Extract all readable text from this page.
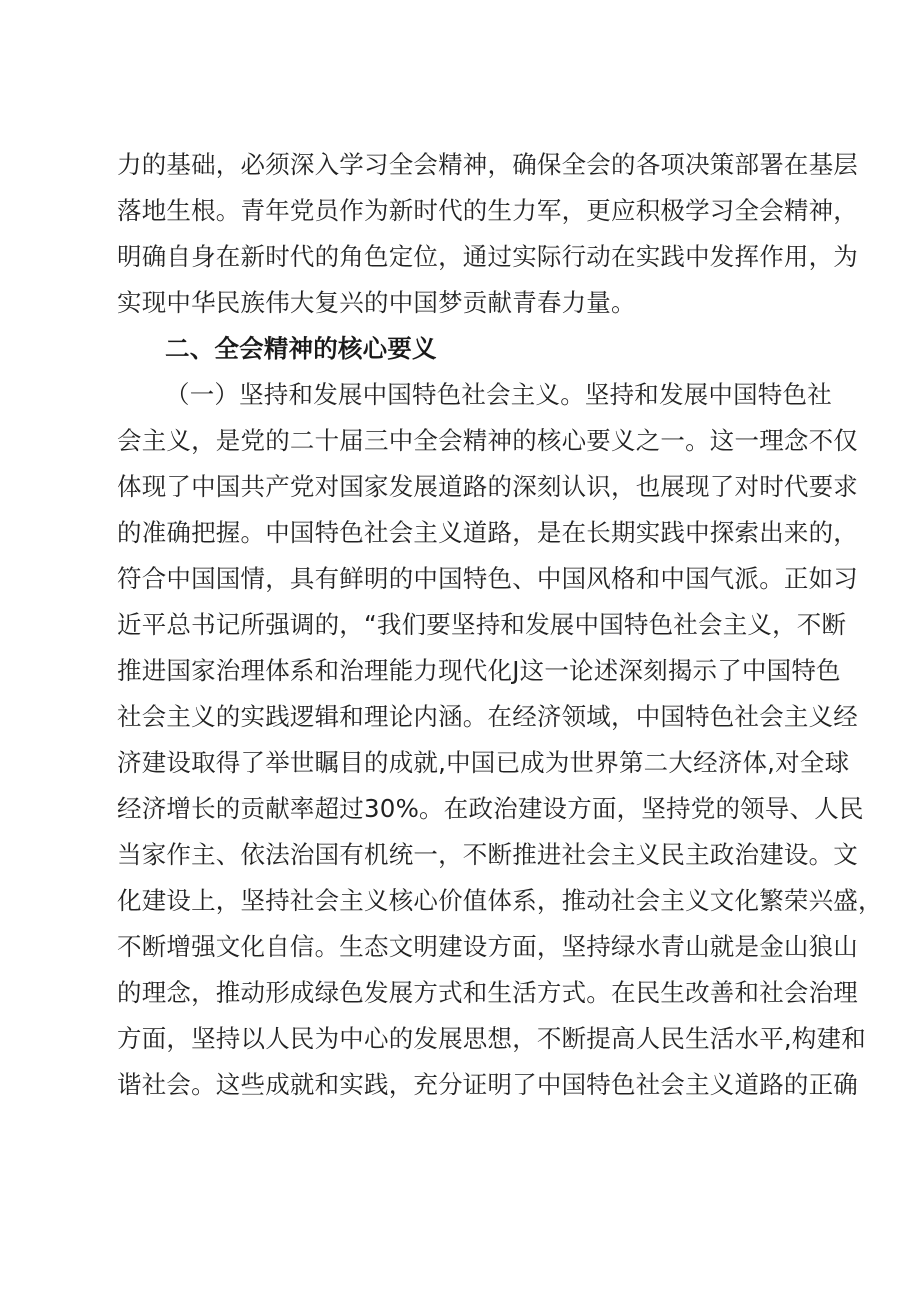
力的基础，必须深入学习全会精神，确保全会的各项决策部署在基层
落地生根。青年党员作为新时代的生力军，更应积极学习全会精神，
明确自身在新时代的角色定位，通过实际行动在实践中发挥作用，为
实现中华民族伟大复兴的中国梦贡献青春力量。
二、全会精神的核心要义
（一）坚持和发展中国特色社会主义。坚持和发展中国特色社
会主义，是党的二十届三中全会精神的核心要义之一。这一理念不仅
体现了中国共产党对国家发展道路的深刻认识，也展现了对时代要求
的准确把握。中国特色社会主义道路，是在长期实践中探索出来的，
符合中国国情，具有鲜明的中国特色、中国风格和中国气派。正如习
近平总书记所强调的，“我们要坚持和发展中国特色社会主义，不断
推进国家治理体系和治理能力现代化J这一论述深刻揭示了中国特色
社会主义的实践逻辑和理论内涵。在经济领域，中国特色社会主义经
济建设取得了举世瞩目的成就,中国已成为世界第二大经济体,对全球
经济增长的贡献率超过30%。在政治建设方面，坚持党的领导、人民
当家作主、依法治国有机统一，不断推进社会主义民主政治建设。文
化建设上，坚持社会主义核心价值体系，推动社会主义文化繁荣兴盛，
不断增强文化自信。生态文明建设方面，坚持绿水青山就是金山狼山
的理念，推动形成绿色发展方式和生活方式。在民生改善和社会治理
方面，坚持以人民为中心的发展思想，不断提高人民生活水平,构建和
谐社会。这些成就和实践，充分证明了中国特色社会主义道路的正确
